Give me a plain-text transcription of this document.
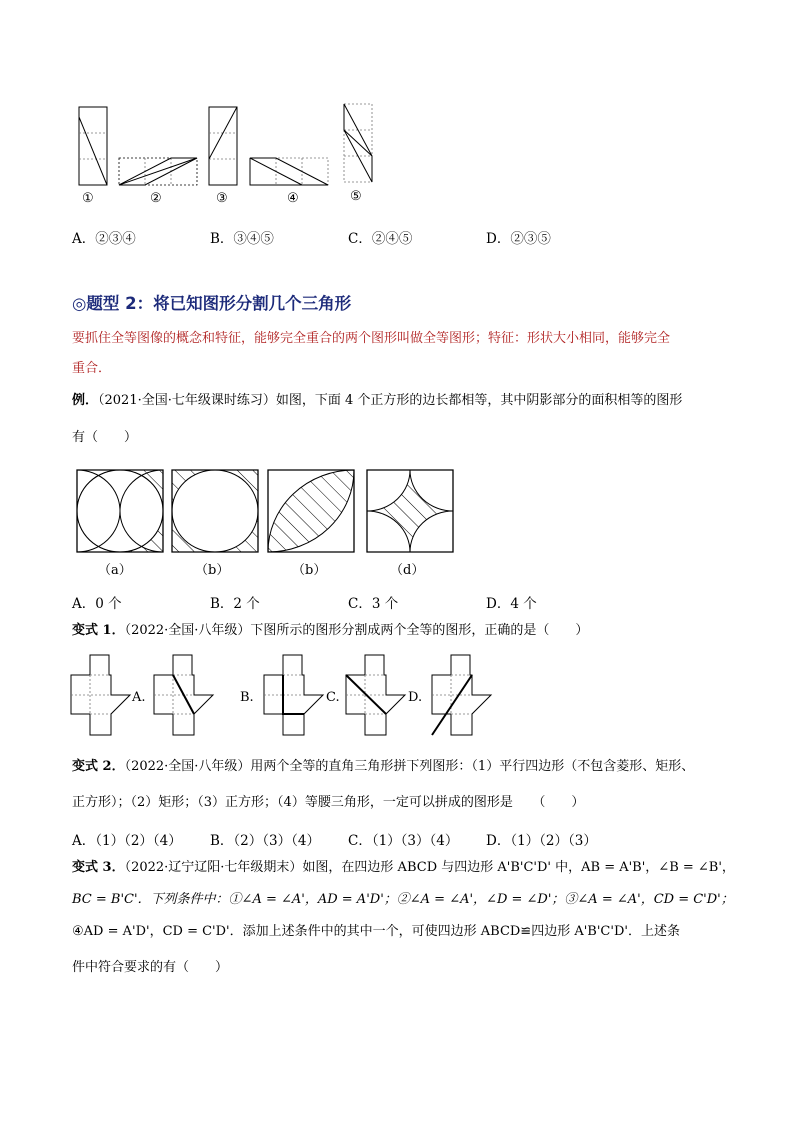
①	②	③	④	⑤
A．②③④	B．③④⑤	C．②④⑤	D．②③⑤
◎题型 2：将已知图形分割几个三角形
要抓住全等图像的概念和特征，能够完全重合的两个图形叫做全等图形；特征：形状大小相同，能够完全
重合．
例．（2021·全国·七年级课时练习）如图，下面 4 个正方形的边长都相等，其中阴影部分的面积相等的图形
有（　　）
（a）	（b）	（b）	（d）
A．0 个	B．2 个	C．3 个	D．4 个
变式 1．（2022·全国·八年级）下图所示的图形分割成两个全等的图形，正确的是（　　）
A.	B.	C.	D.
变式 2．（2022·全国·八年级）用两个全等的直角三角形拼下列图形：（1）平行四边形（不包含菱形、矩形、
正方形）；（2）矩形；（3）正方形；（4）等腰三角形，一定可以拼成的图形是　　（　　）
A．（1）（2）（4） B．（2）（3）（4） C．（1）（3）（4） D．（1）（2）（3）
变式 3．（2022·辽宁辽阳·七年级期末）如图，在四边形 ABCD 与四边形 A'B'C'D' 中，AB = A'B'，∠B = ∠B'，
BC = B'C'．下列条件中：①∠A = ∠A'，AD = A'D'；②∠A = ∠A'，∠D = ∠D'；③∠A = ∠A'，CD = C'D'；
④AD = A'D'，CD = C'D'．添加上述条件中的其中一个，可使四边形 ABCD≌四边形 A'B'C'D'．上述条
件中符合要求的有（　　）
